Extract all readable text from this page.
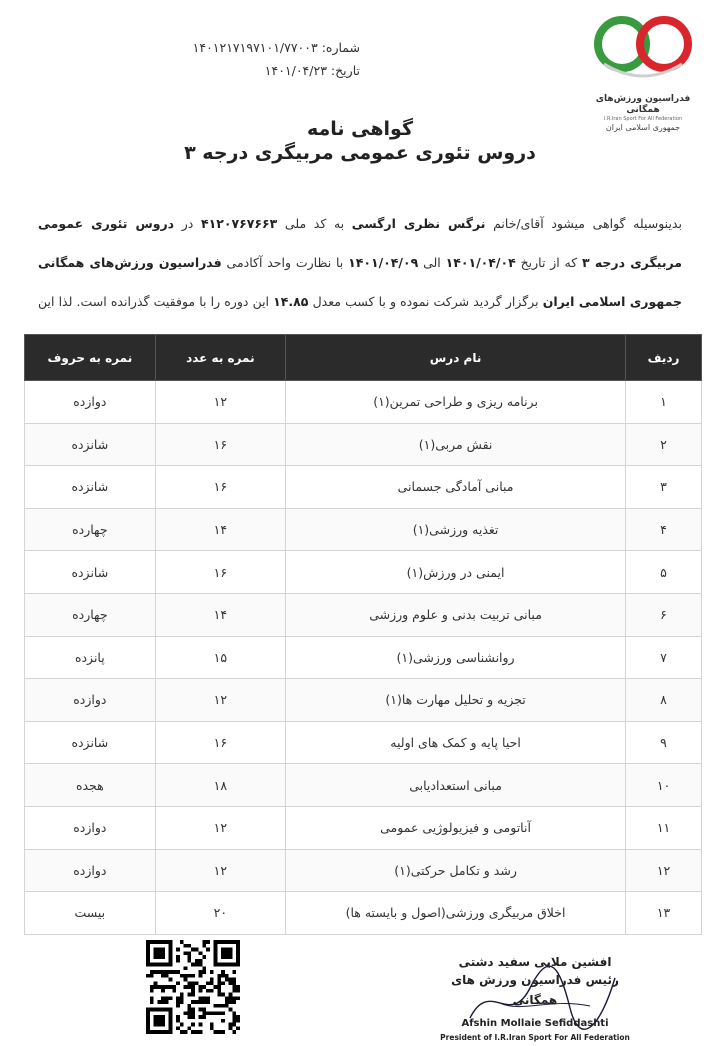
فدراسیون ورزش‌های همگانی
I.R.Iran Sport For All Federation
جمهوری اسلامی ایران
شماره: ۱۴۰۱۲۱۷۱۹۷۱۰۱/۷۷۰۰۳
تاریخ: ۱۴۰۱/۰۴/۲۳
گواهی نامه
دروس تئوری عمومی مربیگری درجه ۳
بدینوسیله گواهی میشود آقای/خانم نرگس نظری ارگسی به کد ملی ۴۱۲۰۷۶۷۶۶۳ در دروس تئوری عمومی مربیگری درجه ۳ که از تاریخ ۱۴۰۱/۰۴/۰۴ الی ۱۴۰۱/۰۴/۰۹ با نظارت واحد آکادمی فدراسیون ورزش‌های همگانی جمهوری اسلامی ایران برگزار گردید شرکت نموده و با کسب معدل ۱۴.۸۵ این دوره را با موفقیت گذرانده است. لذا این
ردیف	نام درس	نمره به عدد	نمره به حروف
۱	برنامه ریزی و طراحی تمرین(۱)	۱۲	دوازده
۲	نقش مربی(۱)	۱۶	شانزده
۳	مبانی آمادگی جسمانی	۱۶	شانزده
۴	تغذیه ورزشی(۱)	۱۴	چهارده
۵	ایمنی در ورزش(۱)	۱۶	شانزده
۶	مبانی تربیت بدنی و علوم ورزشی	۱۴	چهارده
۷	روانشناسی ورزشی(۱)	۱۵	پانزده
۸	تجزیه و تحلیل مهارت ها(۱)	۱۲	دوازده
۹	احیا پایه و کمک های اولیه	۱۶	شانزده
۱۰	مبانی استعدادیابی	۱۸	هجده
۱۱	آناتومی و فیزیولوژیی عمومی	۱۲	دوازده
۱۲	رشد و تکامل حرکتی(۱)	۱۲	دوازده
۱۳	اخلاق مربیگری ورزشی(اصول و بایسته ها)	۲۰	بیست
افشین ملایی سفید دشتی
رئیس فدراسیون ورزش های همگانی
Afshin Mollaie Sefiddashti
President of I.R.Iran Sport For All Federation
